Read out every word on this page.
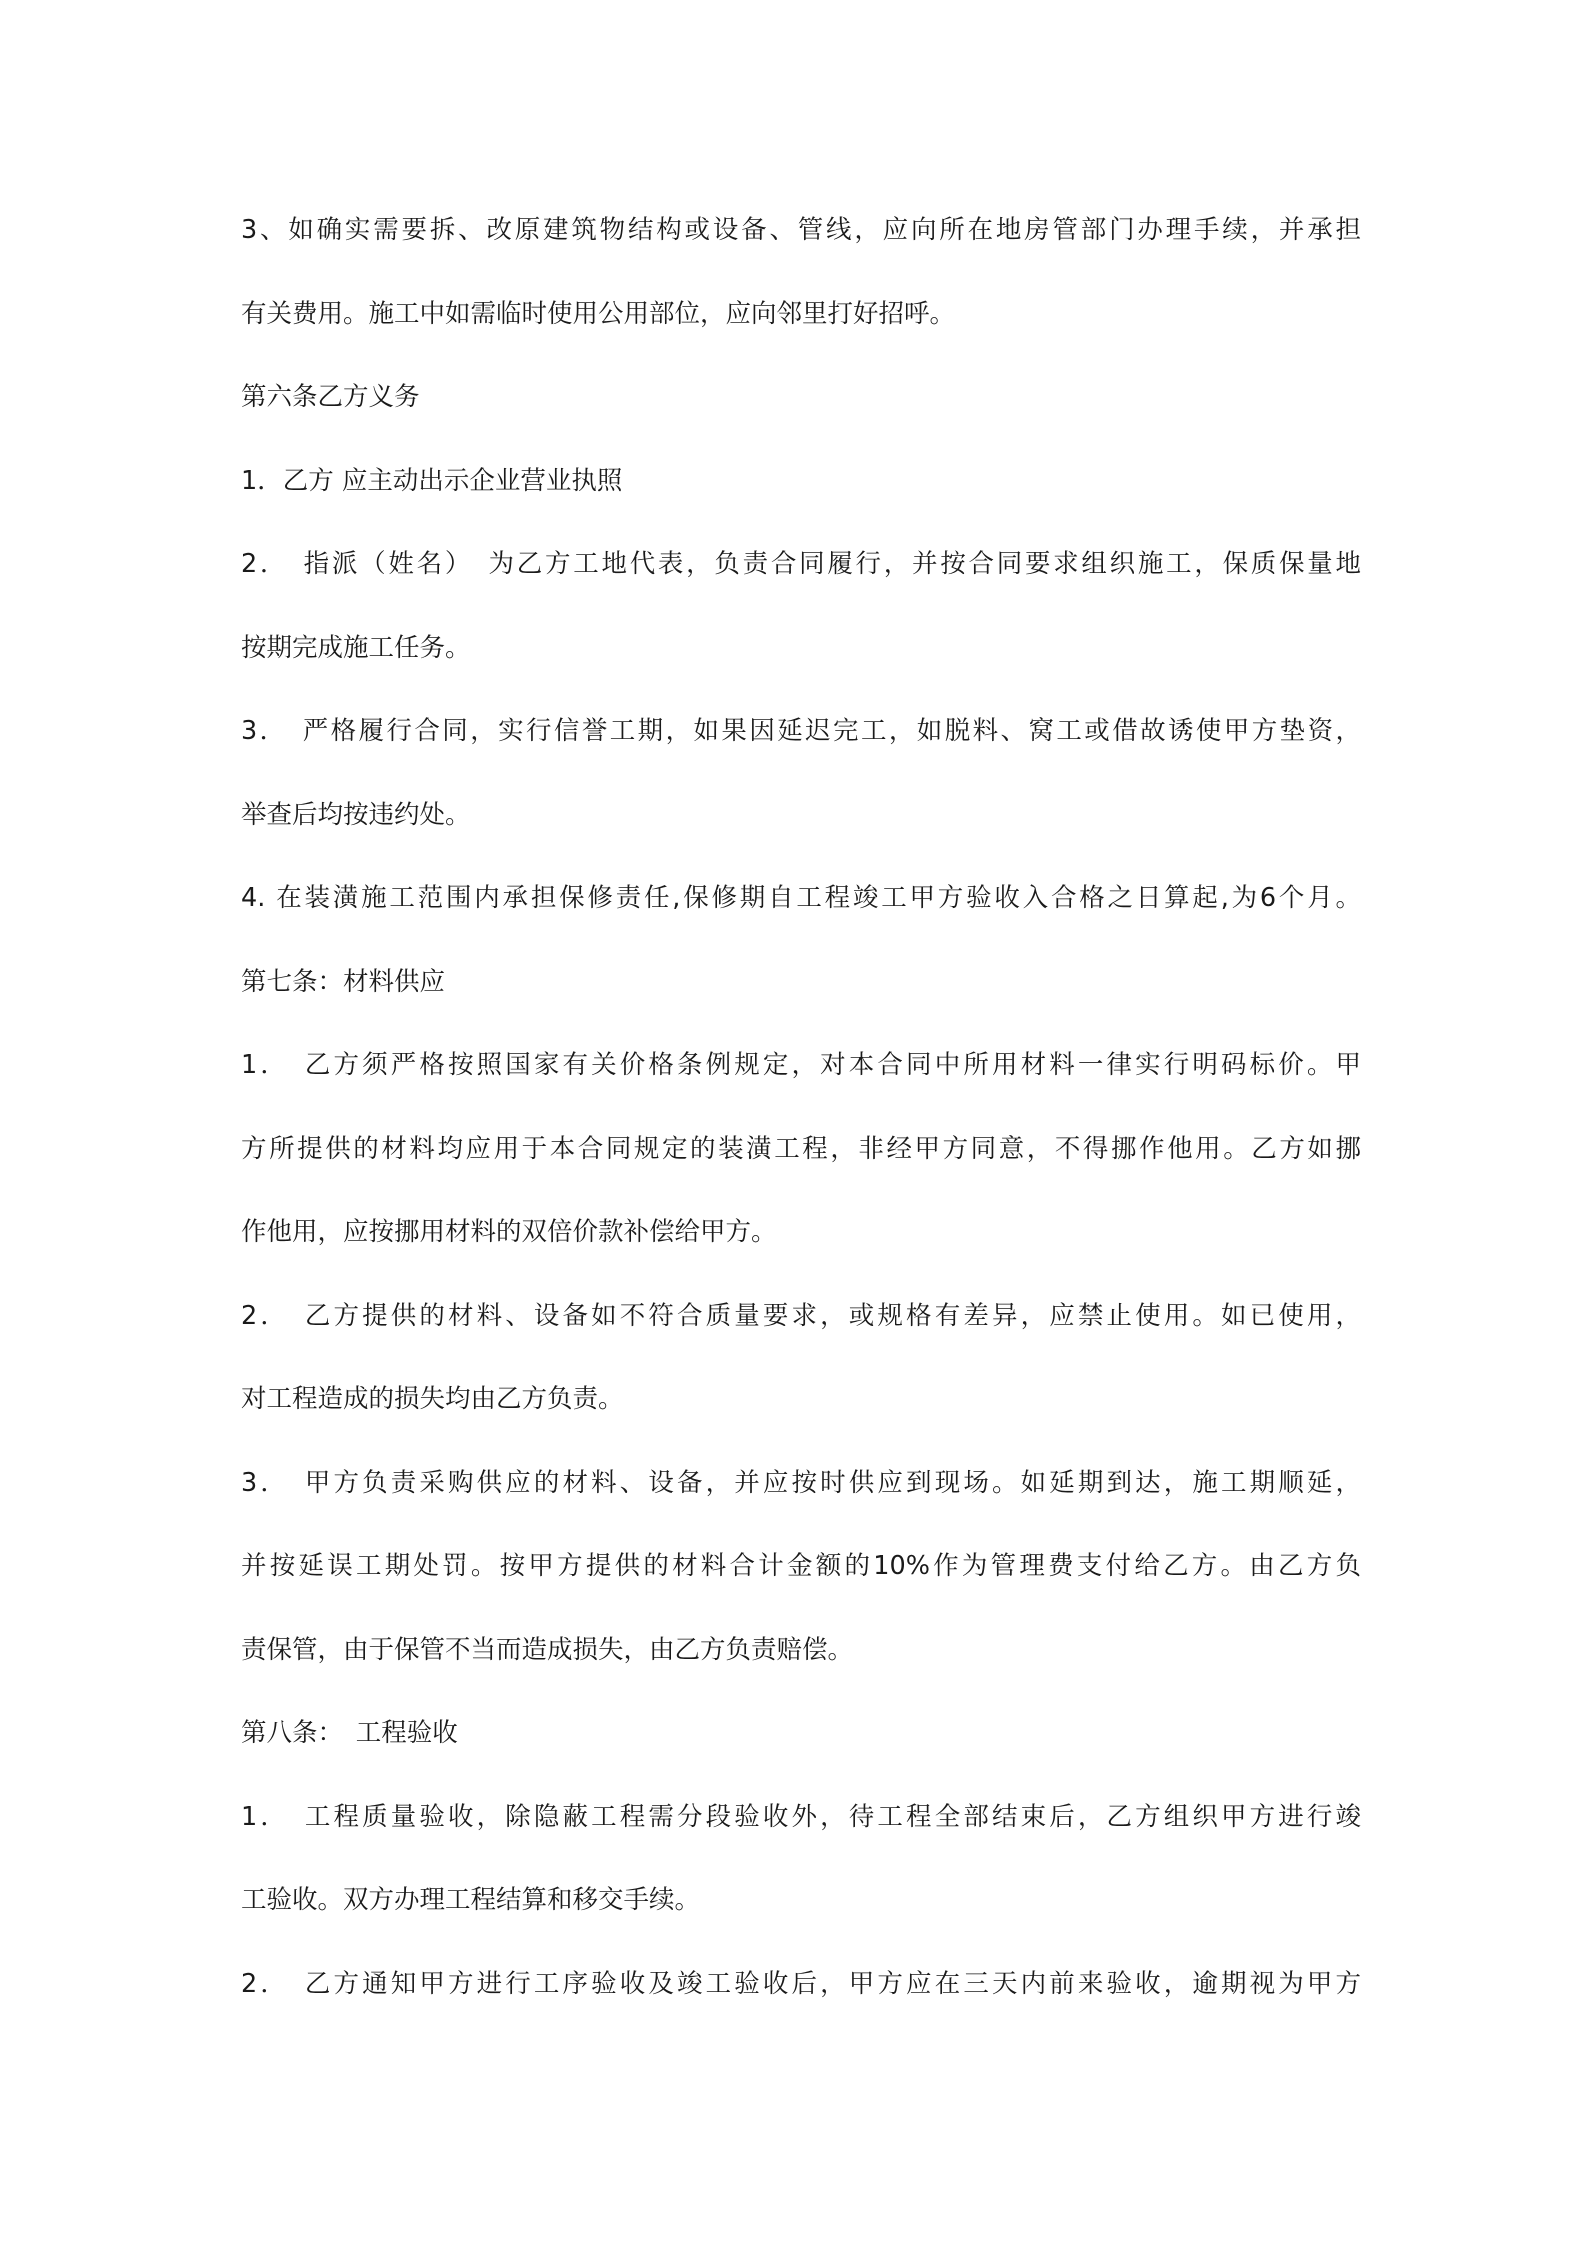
3、如确实需要拆、改原建筑物结构或设备、管线，应向所在地房管部门办理手续，并承担
有关费用。施工中如需临时使用公用部位，应向邻里打好招呼。
第六条乙方义务
1．乙方 应主动出示企业营业执照
2．　指派（姓名）　为乙方工地代表，负责合同履行，并按合同要求组织施工，保质保量地
按期完成施工任务。
3．　严格履行合同，实行信誉工期，如果因延迟完工，如脱料、窝工或借故诱使甲方垫资，
举查后均按违约处。
4. 在装潢施工范围内承担保修责任,保修期自工程竣工甲方验收入合格之日算起,为6个月。
第七条：材料供应
1．　乙方须严格按照国家有关价格条例规定，对本合同中所用材料一律实行明码标价。甲
方所提供的材料均应用于本合同规定的装潢工程，非经甲方同意，不得挪作他用。乙方如挪
作他用，应按挪用材料的双倍价款补偿给甲方。
2．　乙方提供的材料、设备如不符合质量要求，或规格有差异，应禁止使用。如已使用，
对工程造成的损失均由乙方负责。
3．　甲方负责采购供应的材料、设备，并应按时供应到现场。如延期到达，施工期顺延，
并按延误工期处罚。按甲方提供的材料合计金额的10%作为管理费支付给乙方。由乙方负
责保管，由于保管不当而造成损失，由乙方负责赔偿。
第八条：　工程验收
1．　工程质量验收，除隐蔽工程需分段验收外，待工程全部结束后，乙方组织甲方进行竣
工验收。双方办理工程结算和移交手续。
2．　乙方通知甲方进行工序验收及竣工验收后，甲方应在三天内前来验收，逾期视为甲方
